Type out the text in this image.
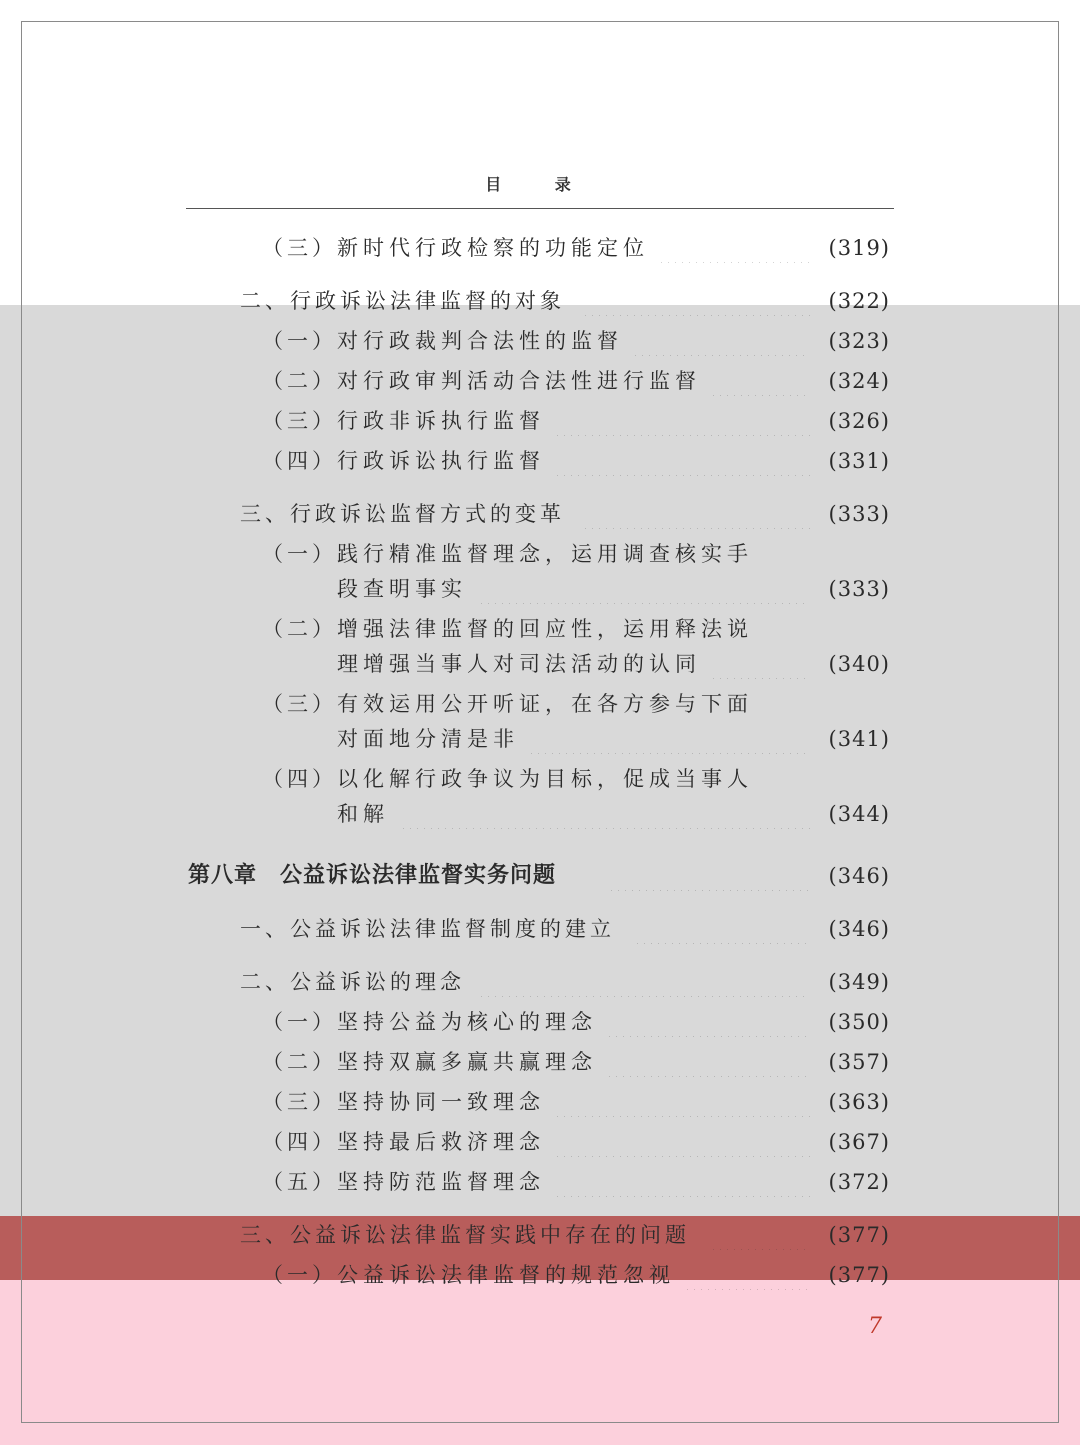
目 录
（三） 新时代行政检察的功能定位	(319)
二、行政诉讼法律监督的对象	(322)
（一） 对行政裁判合法性的监督	(323)
（二） 对行政审判活动合法性进行监督	(324)
（三） 行政非诉执行监督	(326)
（四） 行政诉讼执行监督	(331)
三、行政诉讼监督方式的变革	(333)
（一） 践行精准监督理念，运用调查核实手
段查明事实	(333)
（二） 增强法律监督的回应性，运用释法说
理增强当事人对司法活动的认同	(340)
（三） 有效运用公开听证，在各方参与下面
对面地分清是非	(341)
（四） 以化解行政争议为目标，促成当事人
和解	(344)
第八章　公益诉讼法律监督实务问题	(346)
一、公益诉讼法律监督制度的建立	(346)
二、公益诉讼的理念	(349)
（一） 坚持公益为核心的理念	(350)
（二） 坚持双赢多赢共赢理念	(357)
（三） 坚持协同一致理念	(363)
（四） 坚持最后救济理念	(367)
（五） 坚持防范监督理念	(372)
三、公益诉讼法律监督实践中存在的问题	(377)
（一） 公益诉讼法律监督的规范忽视	(377)
7
